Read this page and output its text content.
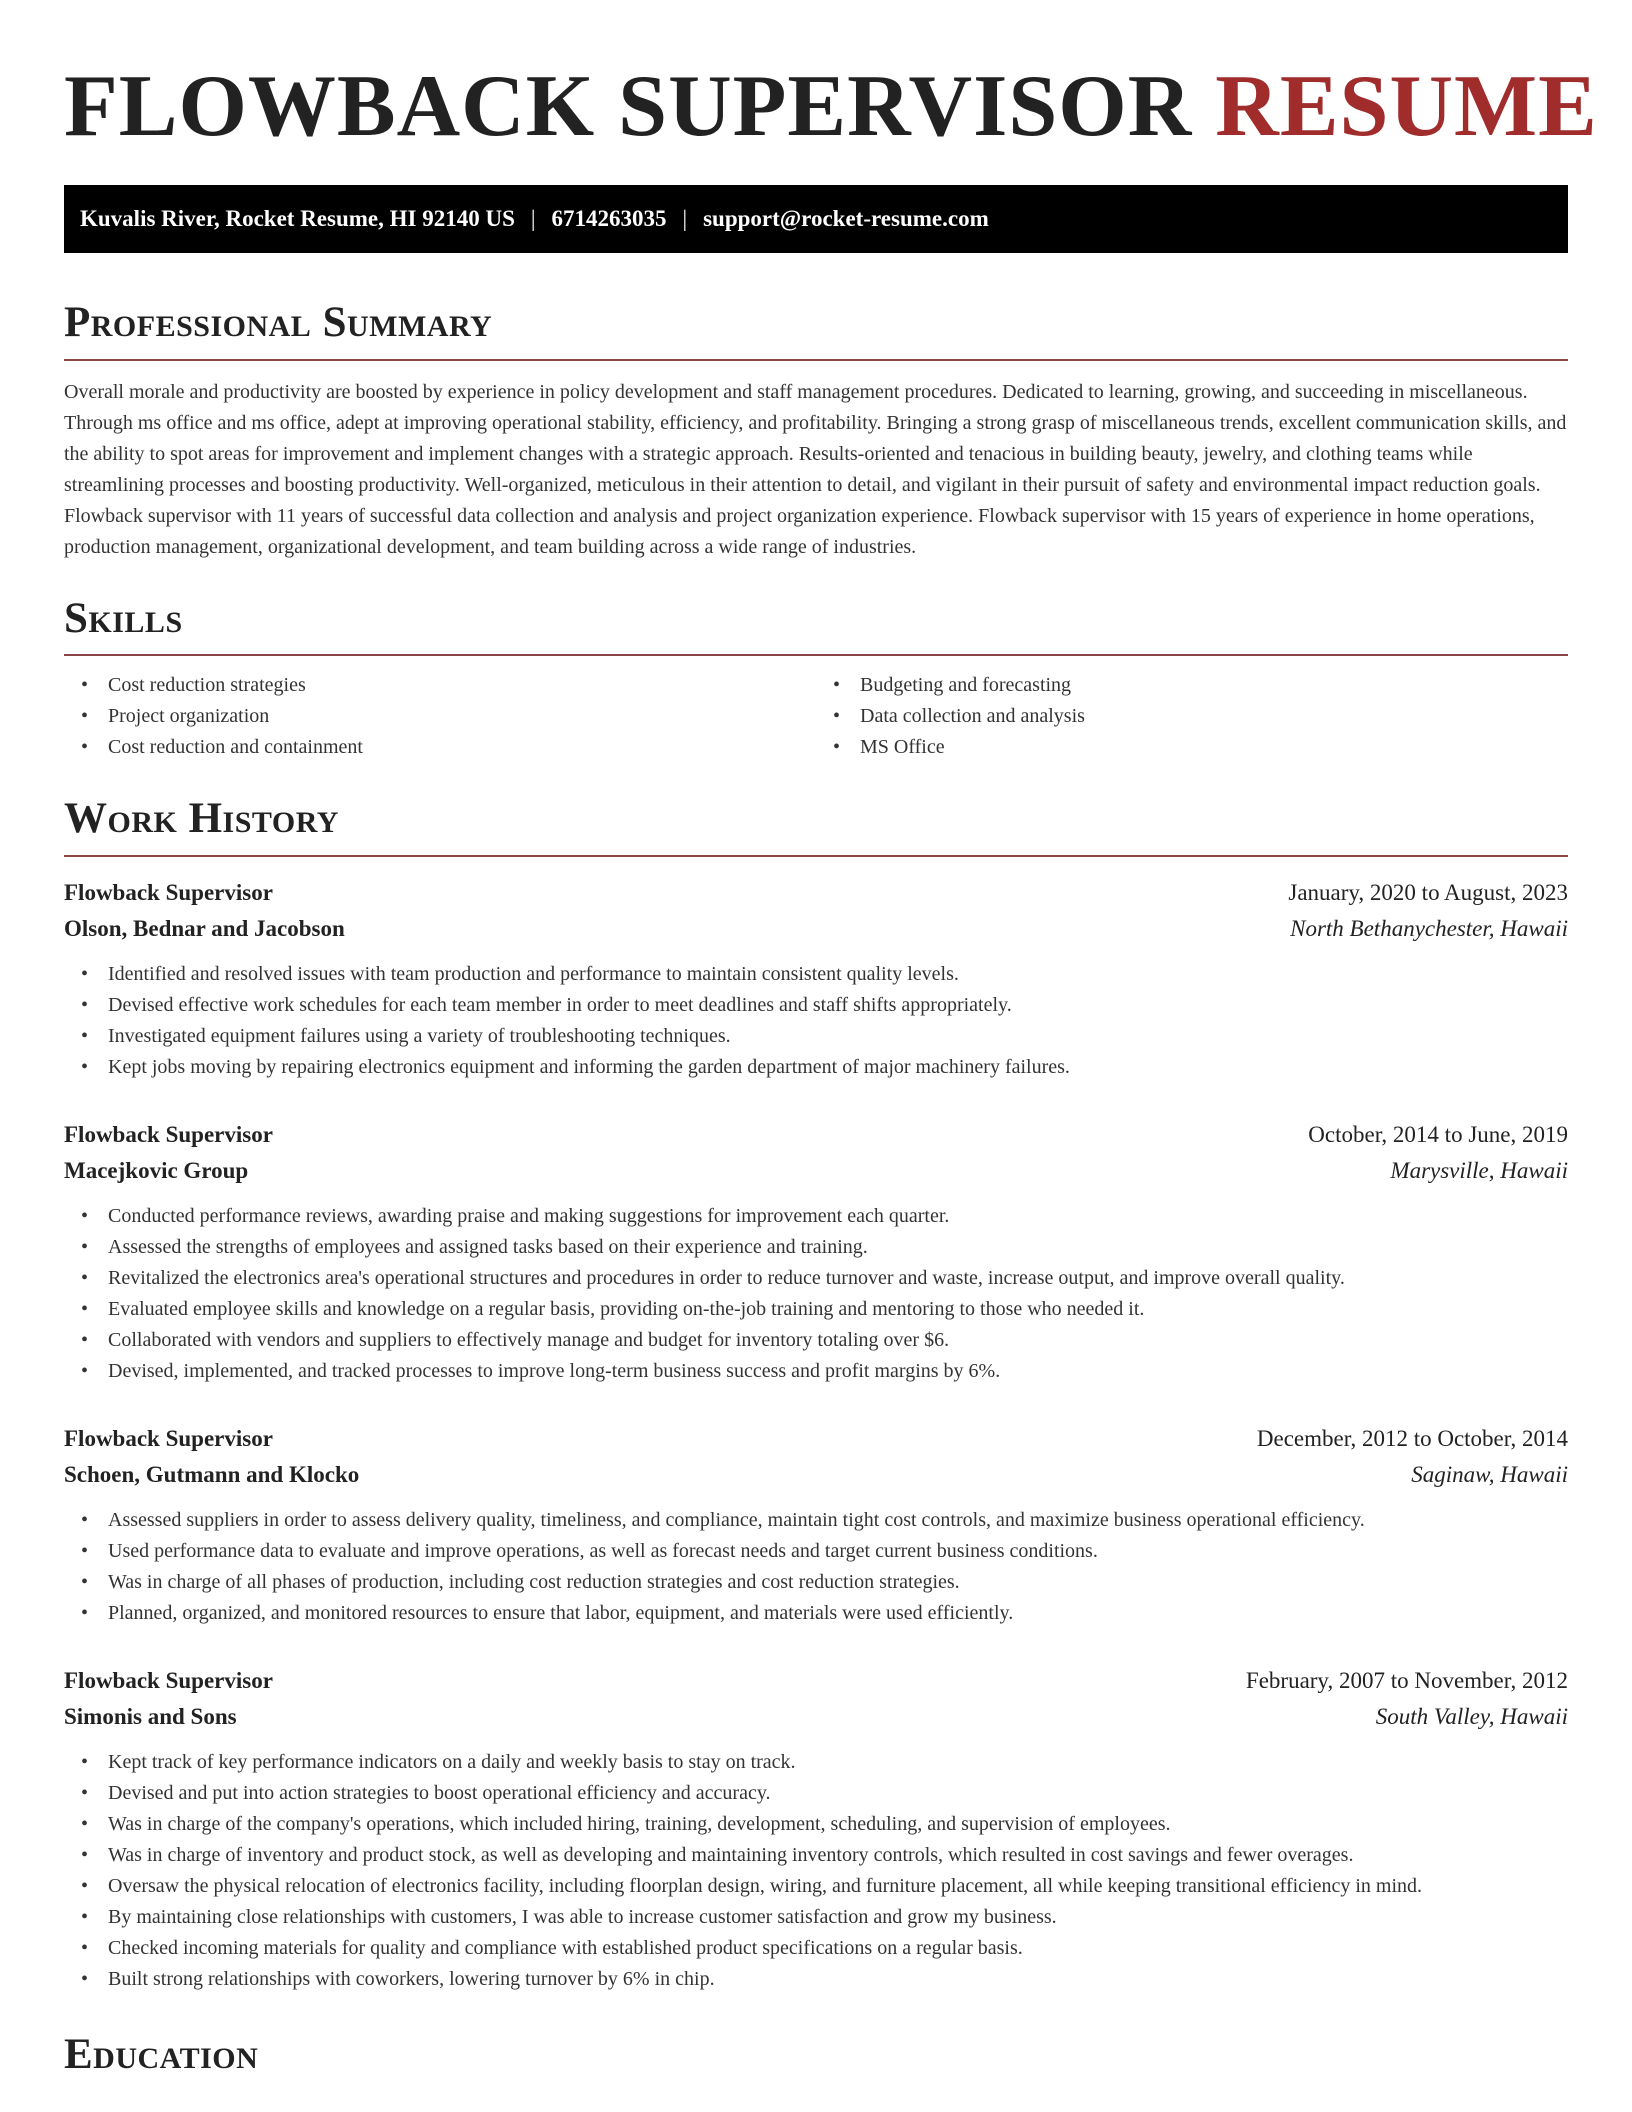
FLOWBACK SUPERVISOR RESUME
Kuvalis River, Rocket Resume, HI 92140 US | 6714263035 | support@rocket-resume.com
Professional Summary

Overall morale and productivity are boosted by experience in policy development and staff management procedures. Dedicated to learning, growing, and succeeding in miscellaneous. Through ms office and ms office, adept at improving operational stability, efficiency, and profitability. Bringing a strong grasp of miscellaneous trends, excellent communication skills, and the ability to spot areas for improvement and implement changes with a strategic approach. Results-oriented and tenacious in building beauty, jewelry, and clothing teams while streamlining processes and boosting productivity. Well-organized, meticulous in their attention to detail, and vigilant in their pursuit of safety and environmental impact reduction goals. Flowback supervisor with 11 years of successful data collection and analysis and project organization experience. Flowback supervisor with 15 years of experience in home operations, production management, organizational development, and team building across a wide range of industries.

Skills
• Cost reduction strategies
• Project organization
• Cost reduction and containment
• Budgeting and forecasting
• Data collection and analysis
• MS Office
Work History
Flowback Supervisor	January, 2020 to August, 2023
Olson, Bednar and Jacobson	North Bethanychester, Hawaii
• Identified and resolved issues with team production and performance to maintain consistent quality levels.
• Devised effective work schedules for each team member in order to meet deadlines and staff shifts appropriately.
• Investigated equipment failures using a variety of troubleshooting techniques.
• Kept jobs moving by repairing electronics equipment and informing the garden department of major machinery failures.
Flowback Supervisor	October, 2014 to June, 2019
Macejkovic Group	Marysville, Hawaii
• Conducted performance reviews, awarding praise and making suggestions for improvement each quarter.
• Assessed the strengths of employees and assigned tasks based on their experience and training.
• Revitalized the electronics area's operational structures and procedures in order to reduce turnover and waste, increase output, and improve overall quality.
• Evaluated employee skills and knowledge on a regular basis, providing on-the-job training and mentoring to those who needed it.
• Collaborated with vendors and suppliers to effectively manage and budget for inventory totaling over $6.
• Devised, implemented, and tracked processes to improve long-term business success and profit margins by 6%.
Flowback Supervisor	December, 2012 to October, 2014
Schoen, Gutmann and Klocko	Saginaw, Hawaii
• Assessed suppliers in order to assess delivery quality, timeliness, and compliance, maintain tight cost controls, and maximize business operational efficiency.
• Used performance data to evaluate and improve operations, as well as forecast needs and target current business conditions.
• Was in charge of all phases of production, including cost reduction strategies and cost reduction strategies.
• Planned, organized, and monitored resources to ensure that labor, equipment, and materials were used efficiently.
Flowback Supervisor	February, 2007 to November, 2012
Simonis and Sons	South Valley, Hawaii
• Kept track of key performance indicators on a daily and weekly basis to stay on track.
• Devised and put into action strategies to boost operational efficiency and accuracy.
• Was in charge of the company's operations, which included hiring, training, development, scheduling, and supervision of employees.
• Was in charge of inventory and product stock, as well as developing and maintaining inventory controls, which resulted in cost savings and fewer overages.
• Oversaw the physical relocation of electronics facility, including floorplan design, wiring, and furniture placement, all while keeping transitional efficiency in mind.
• By maintaining close relationships with customers, I was able to increase customer satisfaction and grow my business.
• Checked incoming materials for quality and compliance with established product specifications on a regular basis.
• Built strong relationships with coworkers, lowering turnover by 6% in chip.
Education
